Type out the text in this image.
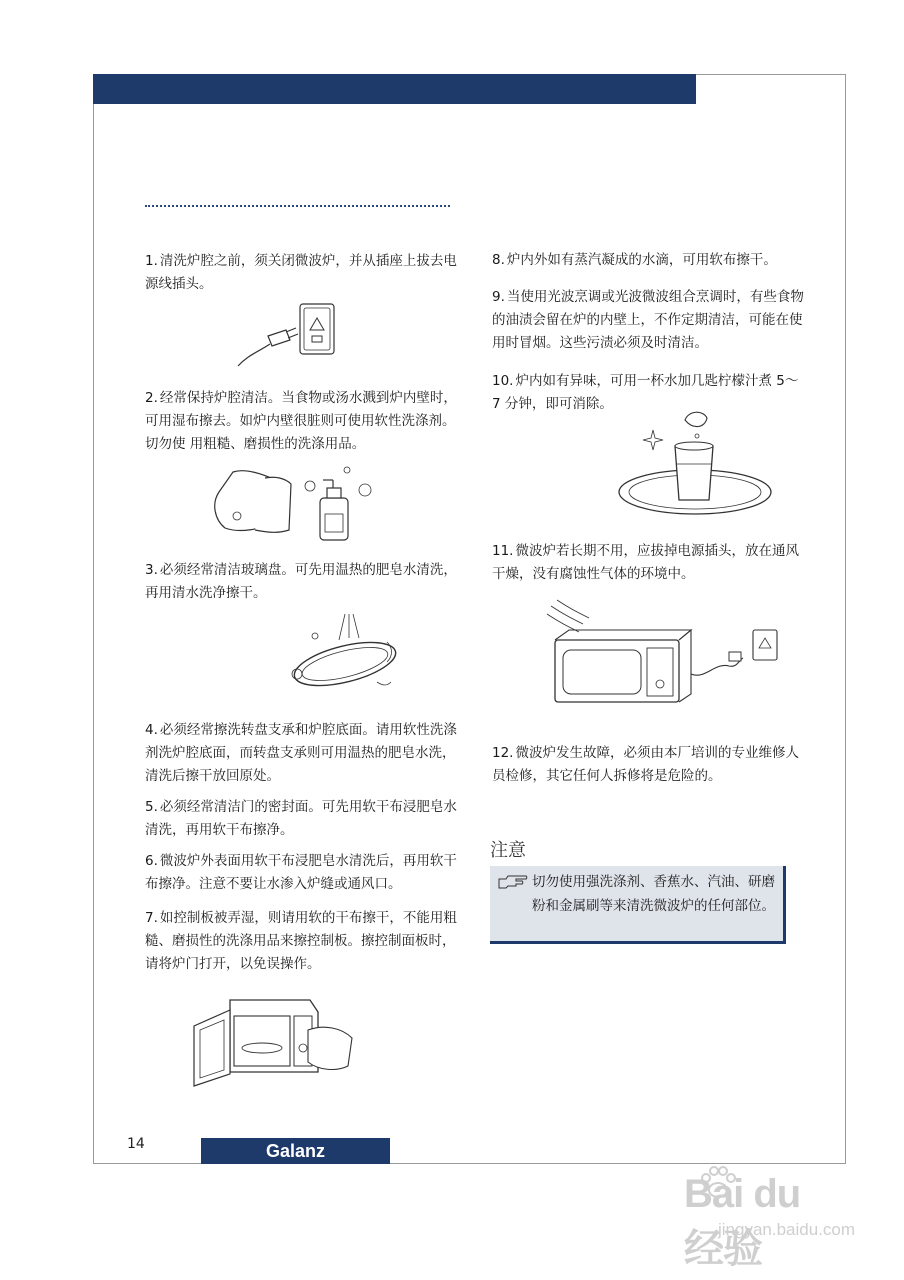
1. 清洗炉腔之前，须关闭微波炉，并从插座上拔去电源线插头。
2. 经常保持炉腔清洁。当食物或汤水溅到炉内壁时，可用湿布擦去。如炉内壁很脏则可使用软性洗涤剂。切勿使 用粗糙、磨损性的洗涤用品。
3. 必须经常清洁玻璃盘。可先用温热的肥皂水清洗，再用清水洗净擦干。
4. 必须经常擦洗转盘支承和炉腔底面。请用软性洗涤剂洗炉腔底面，而转盘支承则可用温热的肥皂水洗，清洗后擦干放回原处。
5. 必须经常清洁门的密封面。可先用软干布浸肥皂水清洗，再用软干布擦净。
6. 微波炉外表面用软干布浸肥皂水清洗后，再用软干布擦净。注意不要让水渗入炉缝或通风口。
7. 如控制板被弄湿，则请用软的干布擦干，不能用粗糙、磨损性的洗涤用品来擦控制板。擦控制面板时，请将炉门打开，以免误操作。
8. 炉内外如有蒸汽凝成的水滴，可用软布擦干。
9. 当使用光波烹调或光波微波组合烹调时，有些食物的油渍会留在炉的内壁上，不作定期清洁，可能在使用时冒烟。这些污渍必须及时清洁。
10. 炉内如有异味，可用一杯水加几匙柠檬汁煮 5～7 分钟，即可消除。
11. 微波炉若长期不用，应拔掉电源插头，放在通风干燥，没有腐蚀性气体的环境中。
12. 微波炉发生故障，必须由本厂培训的专业维修人员检修，其它任何人拆修将是危险的。
注意
切勿使用强洗涤剂、香蕉水、汽油、研磨粉和金属刷等来清洗微波炉的任何部位。
14	Galanz
Bai du 经验
jingyan.baidu.com
